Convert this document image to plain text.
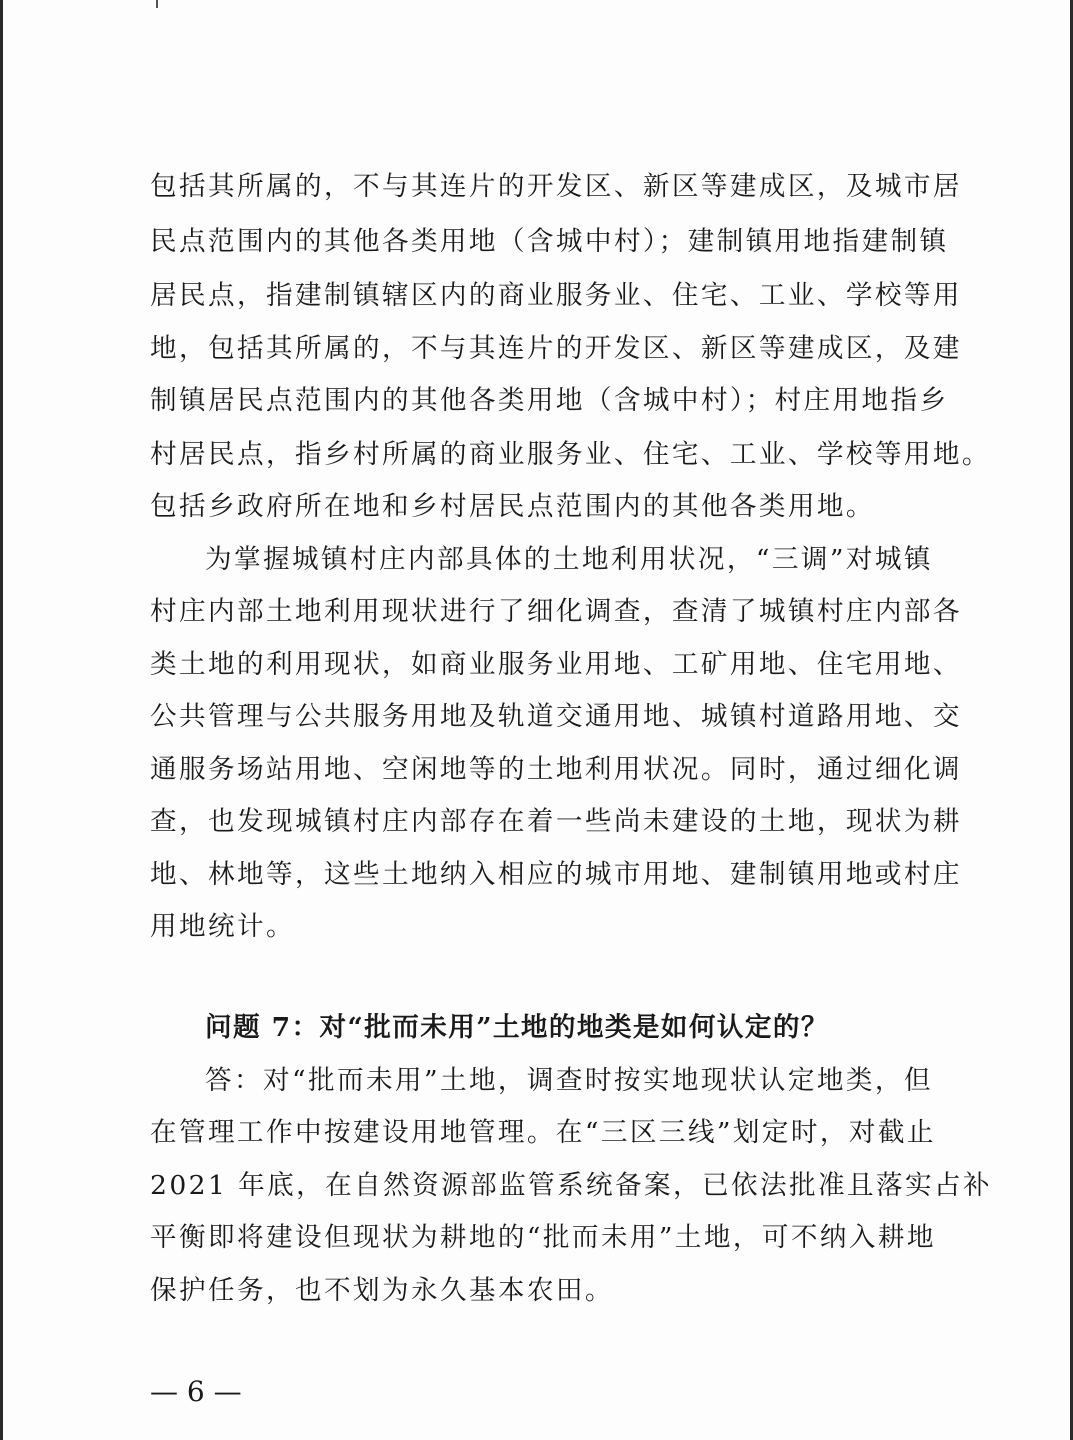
包括其所属的，不与其连片的开发区、新区等建成区，及城市居
民点范围内的其他各类用地（含城中村）；建制镇用地指建制镇
居民点，指建制镇辖区内的商业服务业、住宅、工业、学校等用
地，包括其所属的，不与其连片的开发区、新区等建成区，及建
制镇居民点范围内的其他各类用地（含城中村）；村庄用地指乡
村居民点，指乡村所属的商业服务业、住宅、工业、学校等用地。
包括乡政府所在地和乡村居民点范围内的其他各类用地。
为掌握城镇村庄内部具体的土地利用状况，“三调”对城镇
村庄内部土地利用现状进行了细化调查，查清了城镇村庄内部各
类土地的利用现状，如商业服务业用地、工矿用地、住宅用地、
公共管理与公共服务用地及轨道交通用地、城镇村道路用地、交
通服务场站用地、空闲地等的土地利用状况。同时，通过细化调
查，也发现城镇村庄内部存在着一些尚未建设的土地，现状为耕
地、林地等，这些土地纳入相应的城市用地、建制镇用地或村庄
用地统计。
问题 7：对“批而未用”土地的地类是如何认定的？
答：对“批而未用”土地，调查时按实地现状认定地类，但
在管理工作中按建设用地管理。在“三区三线”划定时，对截止
2021 年底，在自然资源部监管系统备案，已依法批准且落实占补
平衡即将建设但现状为耕地的“批而未用”土地，可不纳入耕地
保护任务，也不划为永久基本农田。
— 6 —
